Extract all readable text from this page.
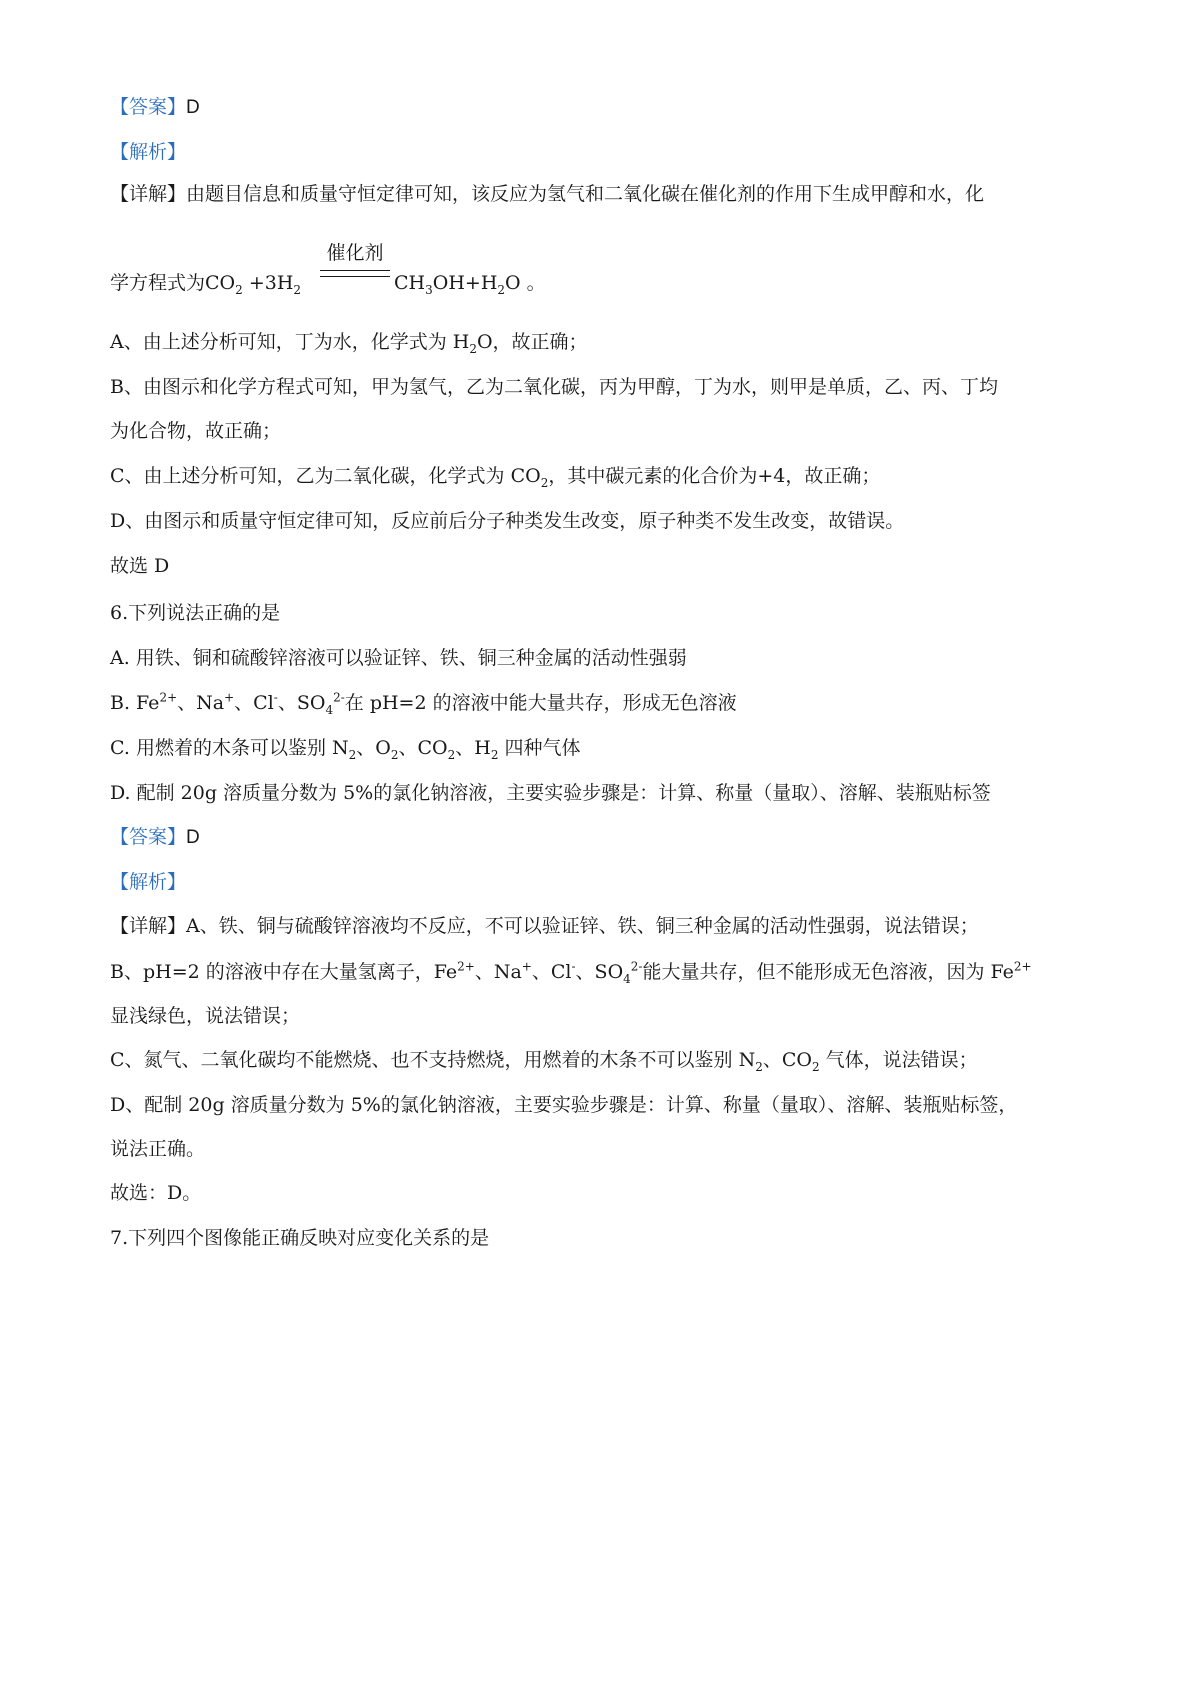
【答案】D
【解析】
【详解】由题目信息和质量守恒定律可知，该反应为氢气和二氧化碳在催化剂的作用下生成甲醇和水，化
学方程式为$CO_2 +3H_2$
催化剂
$CH_3OH+H_2O$ 。
A、由上述分析可知，丁为水，化学式为 $H_2O$，故正确；
B、由图示和化学方程式可知，甲为氢气，乙为二氧化碳，丙为甲醇，丁为水，则甲是单质，乙、丙、丁均
为化合物，故正确；
C、由上述分析可知，乙为二氧化碳，化学式为 $CO_2$，其中碳元素的化合价为+4，故正确；
D、由图示和质量守恒定律可知，反应前后分子种类发生改变，原子种类不发生改变，故错误。
故选 D
6.下列说法正确的是
A. 用铁、铜和硫酸锌溶液可以验证锌、铁、铜三种金属的活动性强弱
B. $Fe^{2+}$、Na+、Cl-、$SO_4^{2-}$在 pH=2 的溶液中能大量共存，形成无色溶液
C. 用燃着的木条可以鉴别 $N_2$、$O_2$、$CO_2$、$H_2$ 四种气体
D. 配制 20g 溶质量分数为 5%的氯化钠溶液，主要实验步骤是：计算、称量（量取）、溶解、装瓶贴标签
【答案】D
【解析】
【详解】A、铁、铜与硫酸锌溶液均不反应，不可以验证锌、铁、铜三种金属的活动性强弱，说法错误；
B、pH=2 的溶液中存在大量氢离子，$Fe^{2+}$、Na+、Cl-、$SO_4^{2-}$能大量共存，但不能形成无色溶液，因为 $Fe^{2+}$
显浅绿色，说法错误；
C、氮气、二氧化碳均不能燃烧、也不支持燃烧，用燃着的木条不可以鉴别 $N_2$、$CO_2$ 气体，说法错误；
D、配制 20g 溶质量分数为 5%的氯化钠溶液，主要实验步骤是：计算、称量（量取）、溶解、装瓶贴标签，
说法正确。
故选：D。
7.下列四个图像能正确反映对应变化关系的是
